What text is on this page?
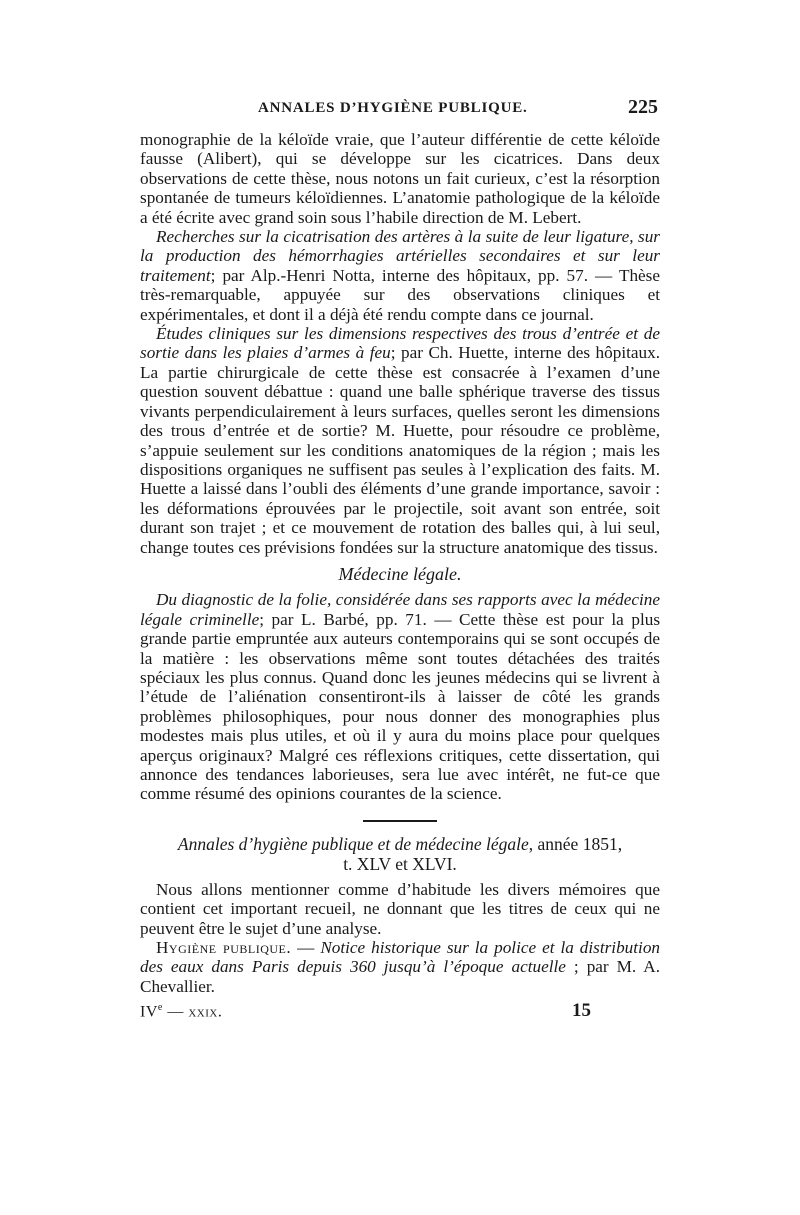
ANNALES D’HYGIÈNE PUBLIQUE.	225

monographie de la kéloïde vraie, que l’auteur différentie de cette kéloïde fausse (Alibert), qui se développe sur les cicatrices. Dans deux observations de cette thèse, nous notons un fait curieux, c’est la résorption spontanée de tumeurs kéloïdiennes. L’anatomie pathologique de la kéloïde a été écrite avec grand soin sous l’habile direction de M. Lebert.

Recherches sur la cicatrisation des artères à la suite de leur ligature, sur la production des hémorrhagies artérielles secondaires et sur leur traitement; par Alp.-Henri Notta, interne des hôpitaux, pp. 57. — Thèse très-remarquable, appuyée sur des observations cliniques et expérimentales, et dont il a déjà été rendu compte dans ce journal.

Études cliniques sur les dimensions respectives des trous d’entrée et de sortie dans les plaies d’armes à feu; par Ch. Huette, interne des hôpitaux. La partie chirurgicale de cette thèse est consacrée à l’examen d’une question souvent débattue : quand une balle sphérique traverse des tissus vivants perpendiculairement à leurs surfaces, quelles seront les dimensions des trous d’entrée et de sortie? M. Huette, pour résoudre ce problème, s’appuie seulement sur les conditions anatomiques de la région ; mais les dispositions organiques ne suffisent pas seules à l’explication des faits. M. Huette a laissé dans l’oubli des éléments d’une grande importance, savoir : les déformations éprouvées par le projectile, soit avant son entrée, soit durant son trajet ; et ce mouvement de rotation des balles qui, à lui seul, change toutes ces prévisions fondées sur la structure anatomique des tissus.

Médecine légale.

Du diagnostic de la folie, considérée dans ses rapports avec la médecine légale criminelle; par L. Barbé, pp. 71. — Cette thèse est pour la plus grande partie empruntée aux auteurs contemporains qui se sont occupés de la matière : les observations même sont toutes détachées des traités spéciaux les plus connus. Quand donc les jeunes médecins qui se livrent à l’étude de l’aliénation consentiront-ils à laisser de côté les grands problèmes philosophiques, pour nous donner des monographies plus modestes mais plus utiles, et où il y aura du moins place pour quelques aperçus originaux? Malgré ces réflexions critiques, cette dissertation, qui annonce des tendances laborieuses, sera lue avec intérêt, ne fut-ce que comme résumé des opinions courantes de la science.

Annales d’hygiène publique et de médecine légale, année 1851,
t. XLV et XLVI.

Nous allons mentionner comme d’habitude les divers mémoires que contient cet important recueil, ne donnant que les titres de ceux qui ne peuvent être le sujet d’une analyse.

Hygiène publique. — Notice historique sur la police et la distribution des eaux dans Paris depuis 360 jusqu’à l’époque actuelle ; par M. A. Chevallier.

IVe — xxix.	15
